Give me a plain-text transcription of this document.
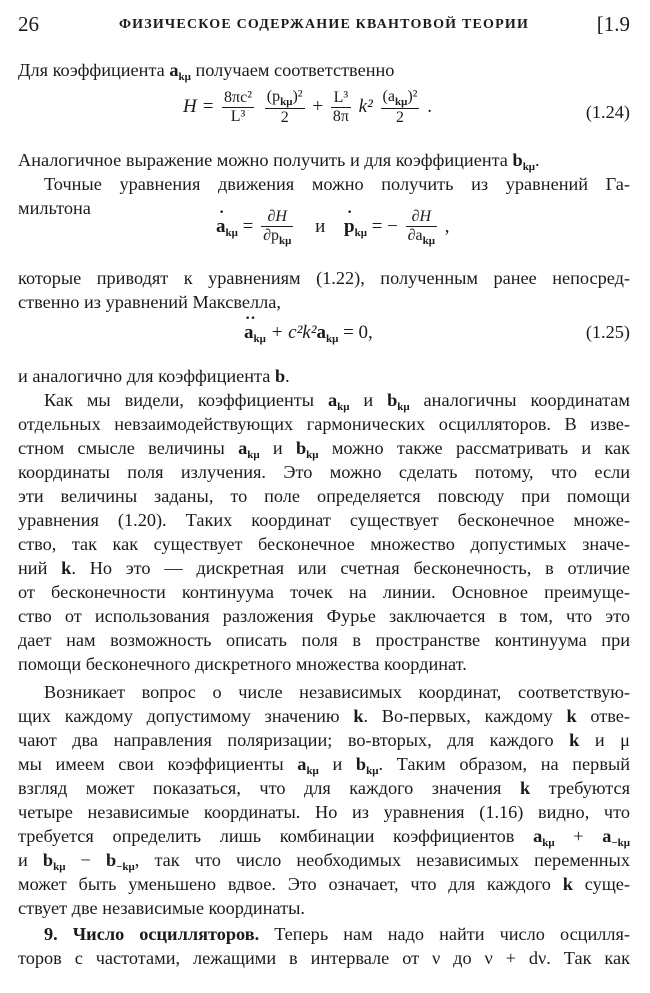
26	ФИЗИЧЕСКОЕ СОДЕРЖАНИЕ КВАНТОВОЙ ТЕОРИИ	[1.9
Для коэффициента $a_{k\mu}$ получаем соответственно
$H = \frac{\text{8πc²}}{\text{L³}}$
$\frac{(p_{k\mu})^2}{2} + \frac{\text{L³}}{8\pi} k^2 \frac{(a_{k\mu})^2}{2}$ .	(1.24)
Аналогичное выражение можно получить и для коэффициента $b_{k\mu}$.
Точные уравнения движения можно получить из уравнений Га-
мильтона
· $a_{k\mu} = \frac{\partial H}{\partial p_{k\mu}}$ $и \cdot p_{k\mu}$ = − $\frac{\partial H}{\partial a_{k\mu}}$ ,
которые приводят к уравнениям (1.22), полученным ранее непосред-
ственно из уравнений Максвелла,
·· $a_{k\mu} + c^2k^2a_{k\mu} = 0$,	(1.25)
и аналогично для коэффициента b.
Как мы видели, коэффициенты $a_{k\mu}$ и $b_{k\mu}$ аналогичны координатам
отдельных невзаимодействующих гармонических осцилляторов. В изве-
стном смысле величины $a_{k\mu}$ и $b_{k\mu}$ можно также рассматривать и как
координаты поля излучения. Это можно сделать потому, что если
эти величины заданы, то поле определяется повсюду при помощи
уравнения (1.20). Таких координат существует бесконечное множе-
ство, так как существует бесконечное множество допустимых значе-
ний k. Но это — дискретная или счетная бесконечность, в отличие
от бесконечности континуума точек на линии. Основное преимуще-
ство от использования разложения Фурье заключается в том, что это
дает нам возможность описать поля в пространстве континуума при
помощи бесконечного дискретного множества координат.
Возникает вопрос о числе независимых координат, соответствую-
щих каждому допустимому значению k. Во-первых, каждому k отве-
чают два направления поляризации; во-вторых, для каждого k и μ
мы имеем свои коэффициенты $a_{k\mu}$ и $b_{k\mu}$. Таким образом, на первый
взгляд может показаться, что для каждого значения k требуются
четыре независимые координаты. Но из уравнения (1.16) видно, что
требуется определить лишь комбинации коэффициентов $a_{k\mu} + a_{-k\mu}$
и $b_{k\mu} - b_{-k\mu}$, так что число необходимых независимых переменных
может быть уменьшено вдвое. Это означает, что для каждого k суще-
ствует две независимые координаты.
9. Число осцилляторов. Теперь нам надо найти число осцилля-
торов с частотами, лежащими в интервале от ν до ν + dν. Так как
